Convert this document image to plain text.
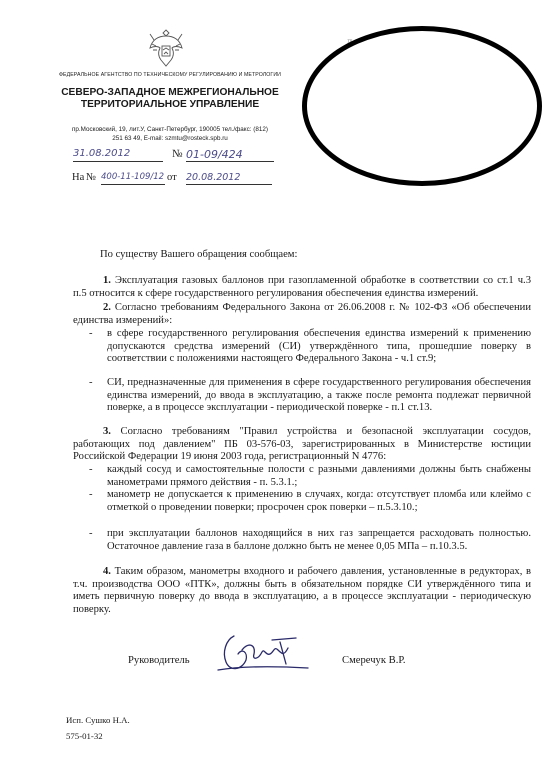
ФЕДЕРАЛЬНОЕ АГЕНТСТВО ПО ТЕХНИЧЕСКОМУ РЕГУЛИРОВАНИЮ И МЕТРОЛОГИИ
СЕВЕРО-ЗАПАДНОЕ МЕЖРЕГИОНАЛЬНОЕ ТЕРРИТОРИАЛЬНОЕ УПРАВЛЕНИЕ
пр.Московский, 19, лит.У, Санкт-Петербург, 190005 тел./факс: (812)
251 63 49, E-mail: szmtu@rosteck.spb.ru
31.08.2012	№ 01-09/424
На № 400-11-109/12 от 20.08.2012
По существу Вашего обращения сообщаем:
1. Эксплуатация газовых баллонов при газопламенной обработке в соответствии со ст.1 ч.3 п.5 относится к сфере государственного регулирования обеспечения единства измерений.
2. Согласно требованиям Федерального Закона от 26.06.2008 г. № 102-ФЗ «Об обеспечении единства измерений»:
- в сфере государственного регулирования обеспечения единства измерений к применению допускаются средства измерений (СИ) утверждённого типа, прошедшие поверку в соответствии с положениями настоящего Федерального Закона - ч.1 ст.9;
- СИ, предназначенные для применения в сфере государственного регулирования обеспечения единства измерений, до ввода в эксплуатацию, а также после ремонта подлежат первичной поверке, а в процессе эксплуатации - периодической поверке - п.1 ст.13.
3. Согласно требованиям "Правил устройства и безопасной эксплуатации сосудов, работающих под давлением" ПБ 03-576-03, зарегистрированных в Министерстве юстиции Российской Федерации 19 июня 2003 года, регистрационный N 4776:
- каждый сосуд и самостоятельные полости с разными давлениями должны быть снабжены манометрами прямого действия - п. 5.3.1.;
- манометр не допускается к применению в случаях, когда: отсутствует пломба или клеймо с отметкой о проведении поверки; просрочен срок поверки – п.5.3.10.;
- при эксплуатации баллонов находящийся в них газ запрещается расходовать полностью. Остаточное давление газа в баллоне должно быть не менее 0,05 МПа – п.10.3.5.
4. Таким образом, манометры входного и рабочего давления, установленные в редукторах, в т.ч. производства ООО «ПТК», должны быть в обязательном порядке СИ утверждённого типа и иметь первичную поверку до ввода в эксплуатацию, а в процессе эксплуатации - периодическую поверку.
Руководитель	Смеречук В.Р.
Исп. Сушко Н.А.
575-01-32
